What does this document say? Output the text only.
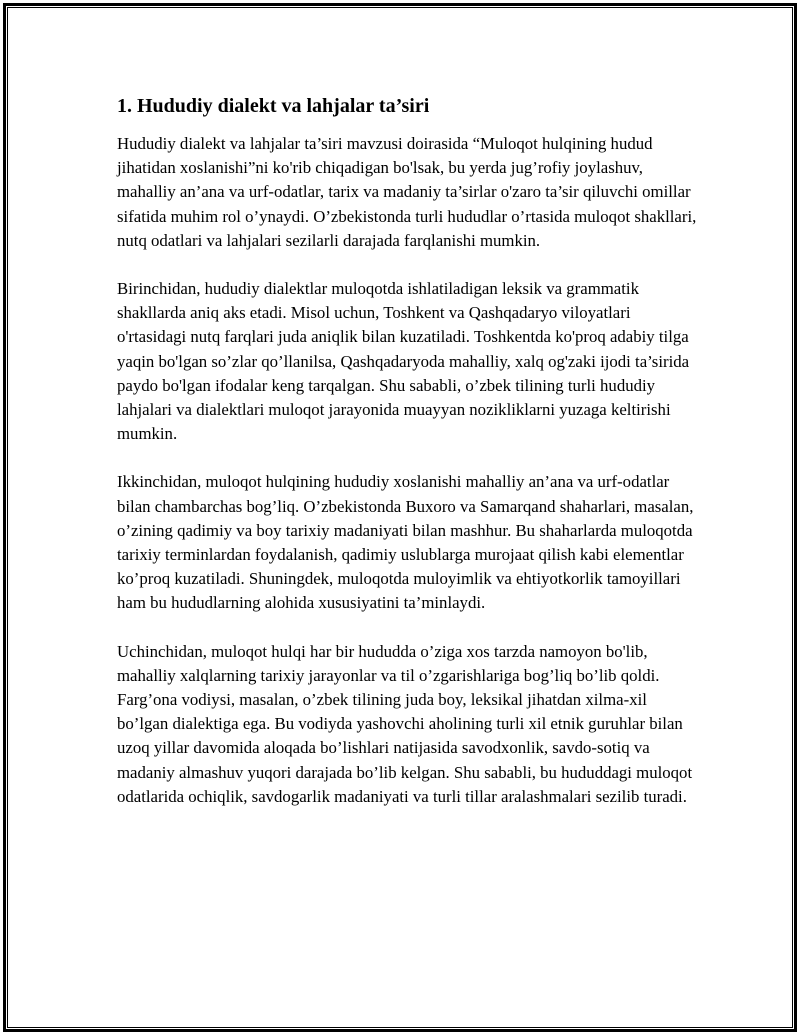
1. Hududiy dialekt va lahjalar ta’siri

Hududiy dialekt va lahjalar ta’siri mavzusi doirasida “Muloqot hulqining hudud jihatidan xoslanishi”ni ko'rib chiqadigan bo'lsak, bu yerda jug’rofiy joylashuv, mahalliy an’ana va urf-odatlar, tarix va madaniy ta’sirlar o'zaro ta’sir qiluvchi omillar sifatida muhim rol o’ynaydi. O’zbekistonda turli hududlar o’rtasida muloqot shakllari, nutq odatlari va lahjalari sezilarli darajada farqlanishi mumkin.

Birinchidan, hududiy dialektlar muloqotda ishlatiladigan leksik va grammatik shakllarda aniq aks etadi. Misol uchun, Toshkent va Qashqadaryo viloyatlari o'rtasidagi nutq farqlari juda aniqlik bilan kuzatiladi. Toshkentda ko'proq adabiy tilga yaqin bo'lgan so’zlar qo’llanilsa, Qashqadaryoda mahalliy, xalq og'zaki ijodi ta’sirida paydo bo'lgan ifodalar keng tarqalgan. Shu sababli, o’zbek tilining turli hududiy lahjalari va dialektlari muloqot jarayonida muayyan nozikliklarni yuzaga keltirishi mumkin.

Ikkinchidan, muloqot hulqining hududiy xoslanishi mahalliy an’ana va urf-odatlar bilan chambarchas bog’liq. O’zbekistonda Buxoro va Samarqand shaharlari, masalan, o’zining qadimiy va boy tarixiy madaniyati bilan mashhur. Bu shaharlarda muloqotda tarixiy terminlardan foydalanish, qadimiy uslublarga murojaat qilish kabi elementlar ko’proq kuzatiladi. Shuningdek, muloqotda muloyimlik va ehtiyotkorlik tamoyillari ham bu hududlarning alohida xususiyatini ta’minlaydi.

Uchinchidan, muloqot hulqi har bir hududda o’ziga xos tarzda namoyon bo'lib, mahalliy xalqlarning tarixiy jarayonlar va til o’zgarishlariga bog’liq bo’lib qoldi. Farg’ona vodiysi, masalan, o’zbek tilining juda boy, leksikal jihatdan xilma-xil bo’lgan dialektiga ega. Bu vodiyda yashovchi aholining turli xil etnik guruhlar bilan uzoq yillar davomida aloqada bo’lishlari natijasida savodxonlik, savdo-sotiq va madaniy almashuv yuqori darajada bo’lib kelgan. Shu sababli, bu hududdagi muloqot odatlarida ochiqlik, savdogarlik madaniyati va turli tillar aralashmalari sezilib turadi.
